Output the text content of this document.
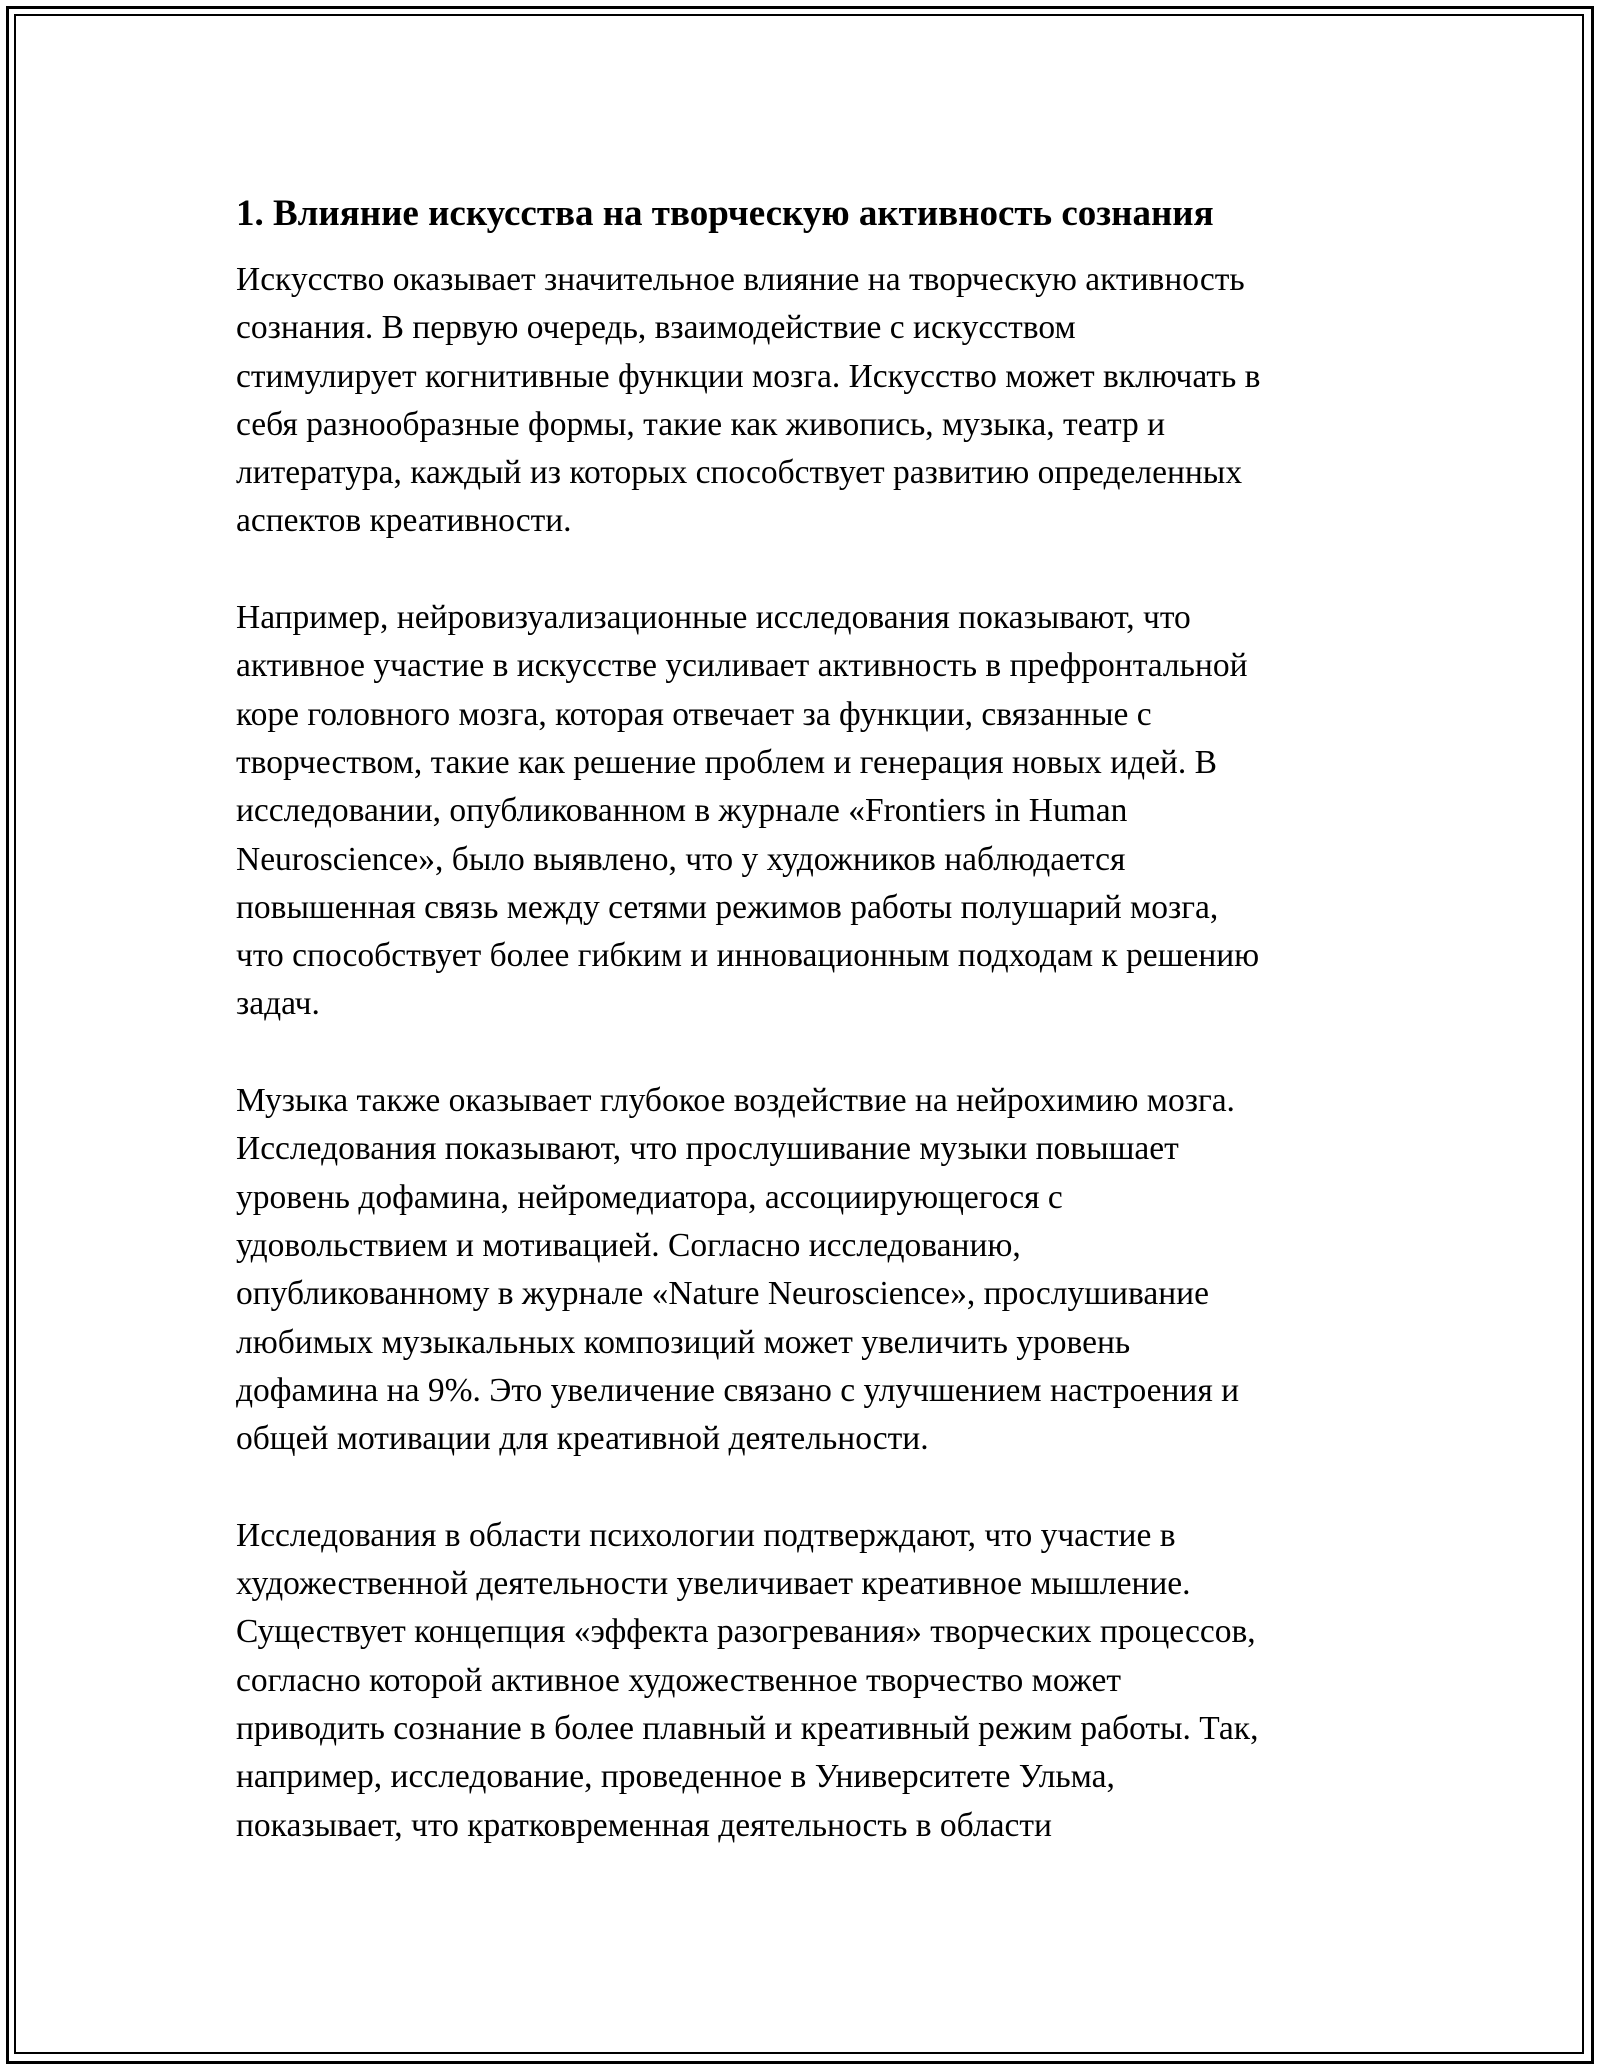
1. Влияние искусства на творческую активность сознания

Искусство оказывает значительное влияние на творческую активность
сознания. В первую очередь, взаимодействие с искусством
стимулирует когнитивные функции мозга. Искусство может включать в
себя разнообразные формы, такие как живопись, музыка, театр и
литература, каждый из которых способствует развитию определенных
аспектов креативности.

Например, нейровизуализационные исследования показывают, что
активное участие в искусстве усиливает активность в префронтальной
коре головного мозга, которая отвечает за функции, связанные с
творчеством, такие как решение проблем и генерация новых идей. В
исследовании, опубликованном в журнале «Frontiers in Human
Neuroscience», было выявлено, что у художников наблюдается
повышенная связь между сетями режимов работы полушарий мозга,
что способствует более гибким и инновационным подходам к решению
задач.

Музыка также оказывает глубокое воздействие на нейрохимию мозга.
Исследования показывают, что прослушивание музыки повышает
уровень дофамина, нейромедиатора, ассоциирующегося с
удовольствием и мотивацией. Согласно исследованию,
опубликованному в журнале «Nature Neuroscience», прослушивание
любимых музыкальных композиций может увеличить уровень
дофамина на 9%. Это увеличение связано с улучшением настроения и
общей мотивации для креативной деятельности.

Исследования в области психологии подтверждают, что участие в
художественной деятельности увеличивает креативное мышление.
Существует концепция «эффекта разогревания» творческих процессов,
согласно которой активное художественное творчество может
приводить сознание в более плавный и креативный режим работы. Так,
например, исследование, проведенное в Университете Ульма,
показывает, что кратковременная деятельность в области
